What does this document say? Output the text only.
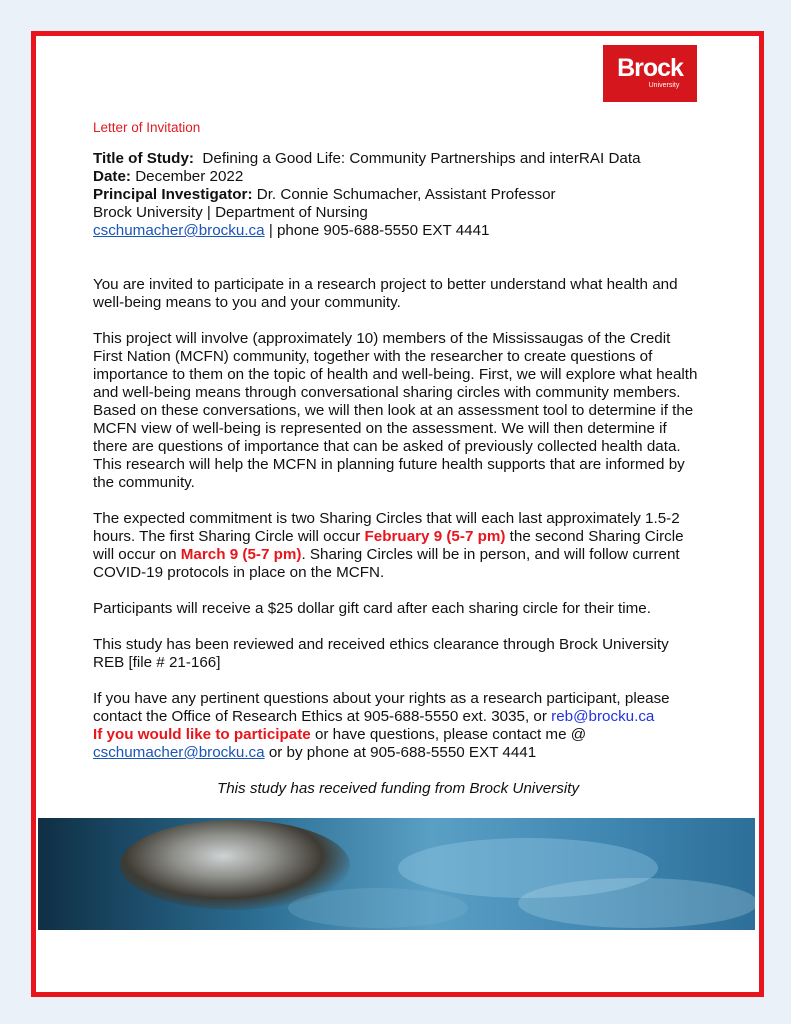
Brock
University
Letter of Invitation
Title of Study: Defining a Good Life: Community Partnerships and interRAI Data
Date: December 2022
Principal Investigator: Dr. Connie Schumacher, Assistant Professor
Brock University | Department of Nursing
cschumacher@brocku.ca | phone 905-688-5550 EXT 4441

You are invited to participate in a research project to better understand what health and well-being means to you and your community.

This project will involve (approximately 10) members of the Mississaugas of the Credit First Nation (MCFN) community, together with the researcher to create questions of importance to them on the topic of health and well-being. First, we will explore what health and well-being means through conversational sharing circles with community members. Based on these conversations, we will then look at an assessment tool to determine if the MCFN view of well-being is represented on the assessment. We will then determine if there are questions of importance that can be asked of previously collected health data. This research will help the MCFN in planning future health supports that are informed by the community.

The expected commitment is two Sharing Circles that will each last approximately 1.5-2 hours. The first Sharing Circle will occur February 9 (5-7 pm) the second Sharing Circle will occur on March 9 (5-7 pm). Sharing Circles will be in person, and will follow current COVID-19 protocols in place on the MCFN.

Participants will receive a $25 dollar gift card after each sharing circle for their time.

This study has been reviewed and received ethics clearance through Brock University REB [file # 21-166]

If you have any pertinent questions about your rights as a research participant, please contact the Office of Research Ethics at 905-688-5550 ext. 3035, or reb@brocku.ca
If you would like to participate or have questions, please contact me @
cschumacher@brocku.ca or by phone at 905-688-5550 EXT 4441

This study has received funding from Brock University
